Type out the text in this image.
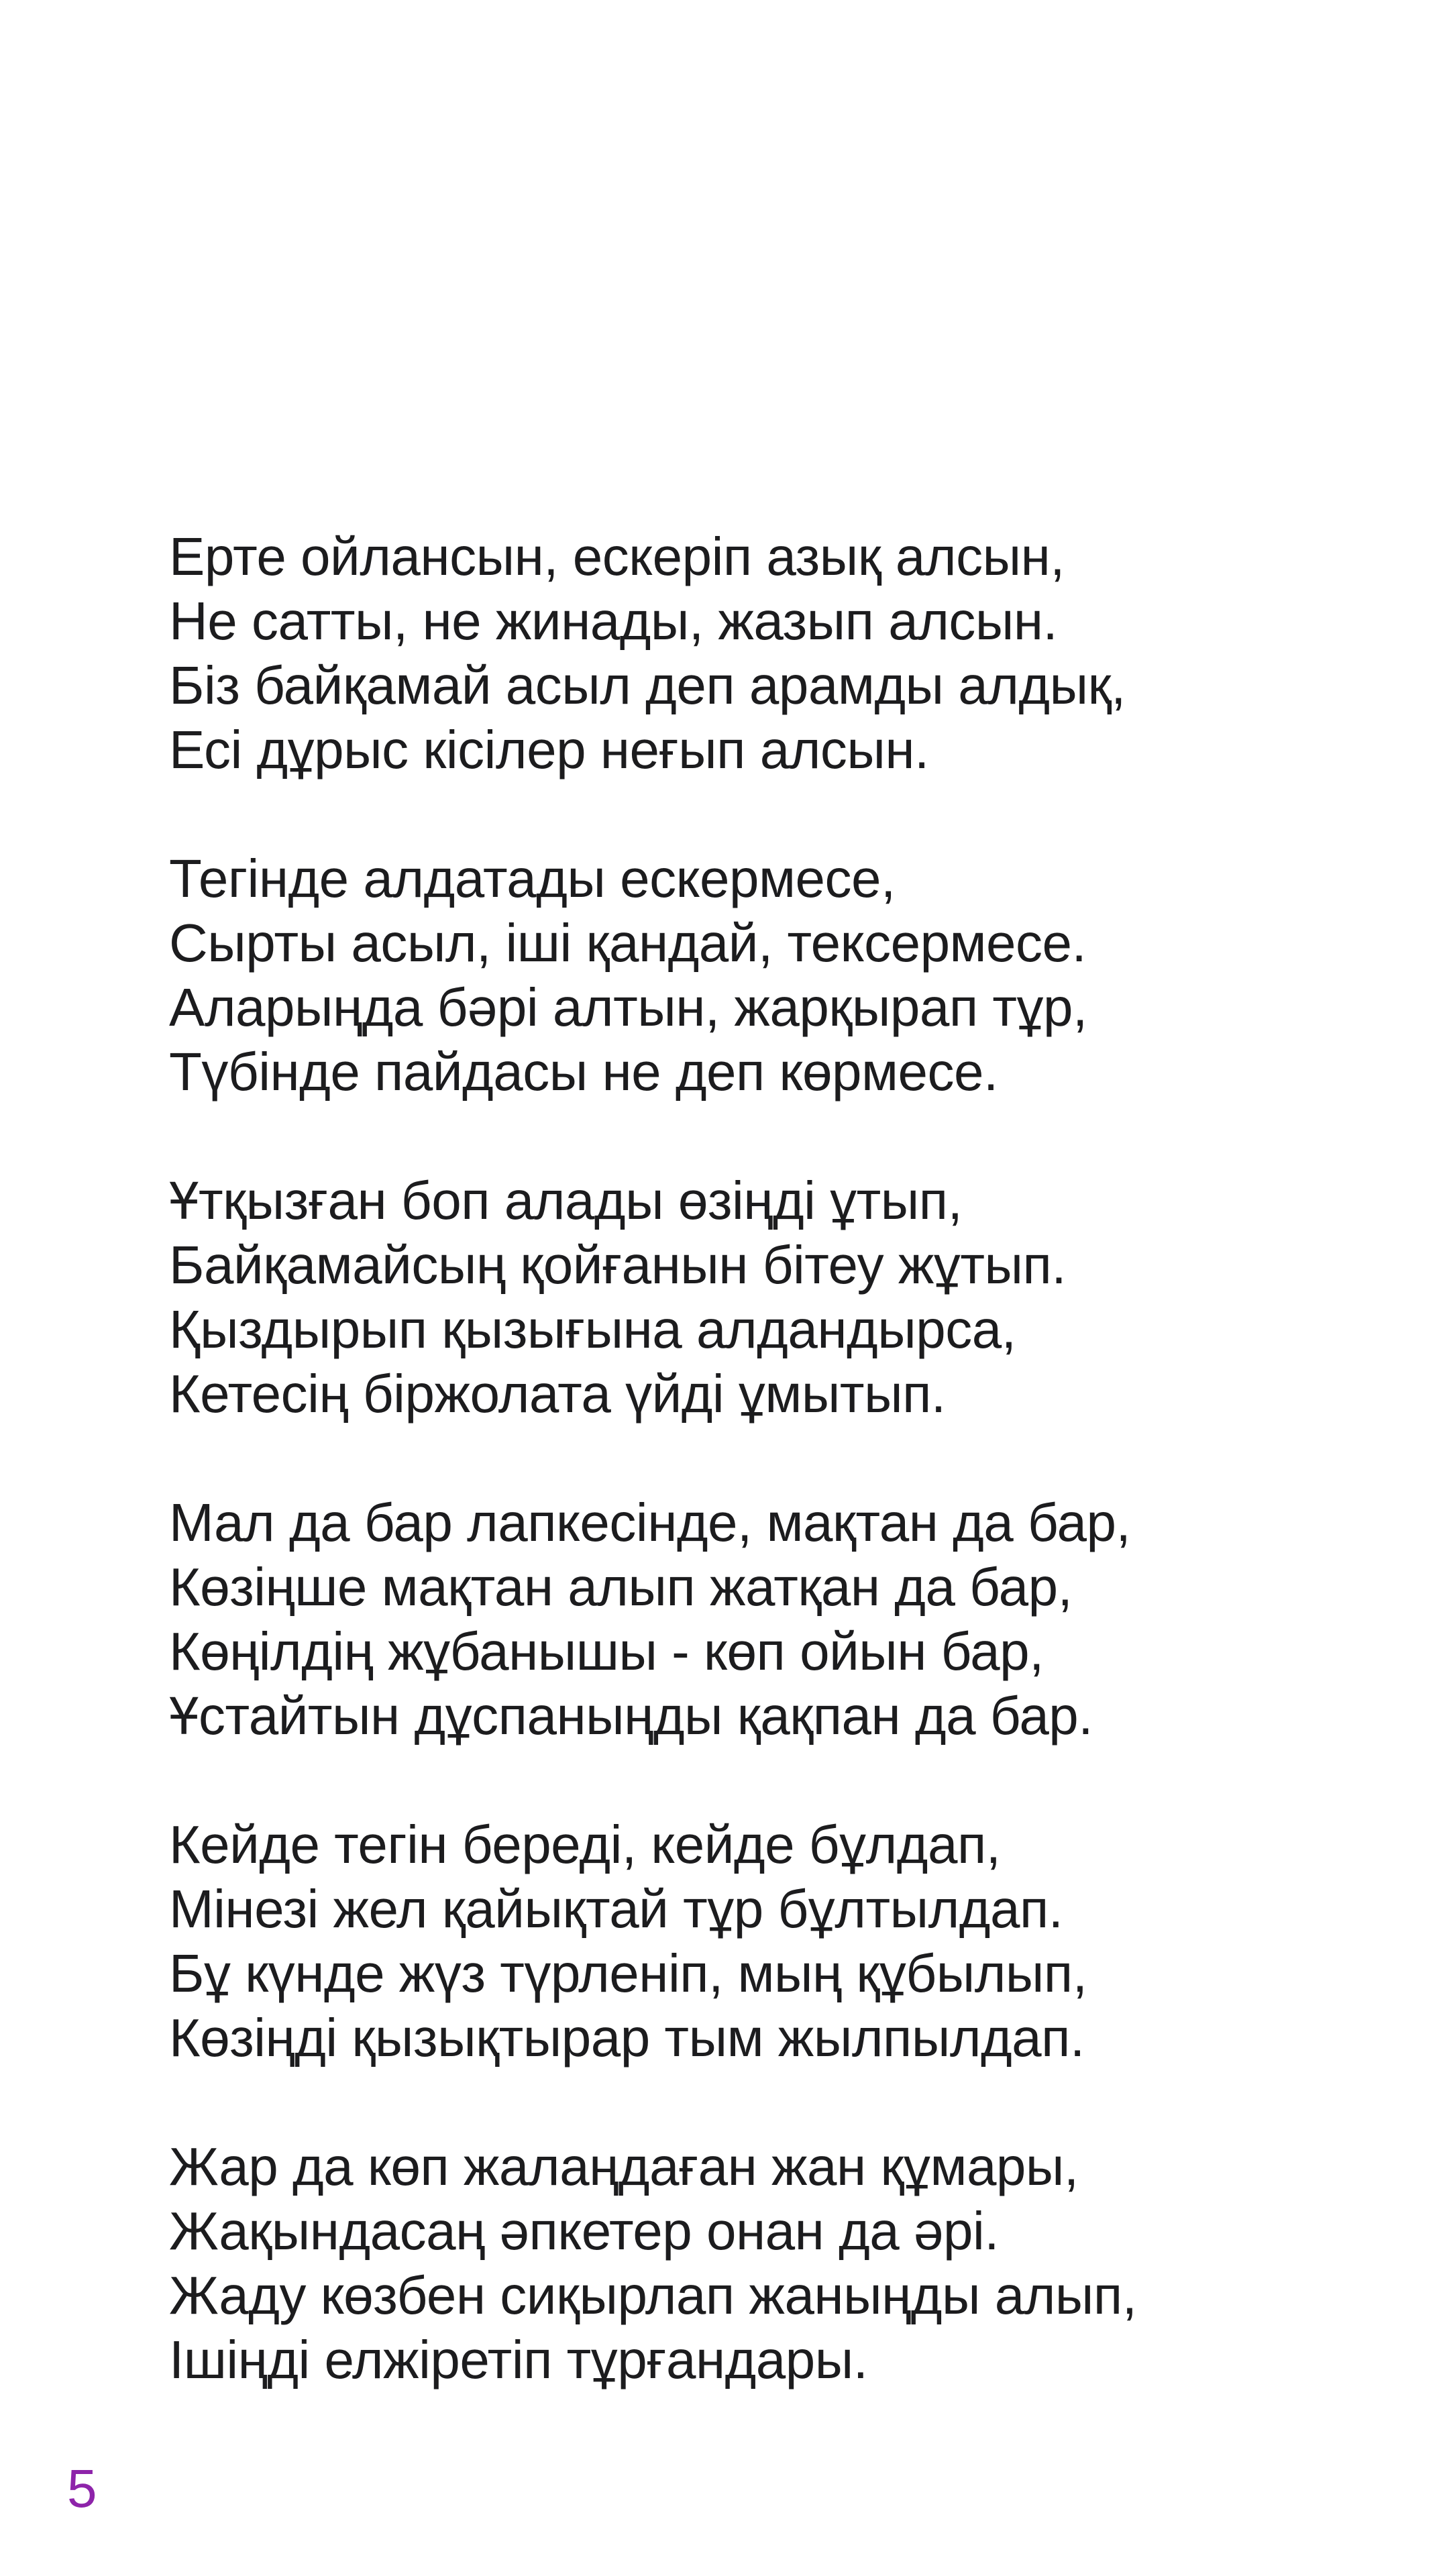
Ерте ойлансын, ескеріп азық алсын,
Не сатты, не жинады, жазып алсын.
Біз байқамай асыл деп арамды алдық,
Есі дұрыс кісілер неғып алсын.
Тегінде алдатады ескермесе,
Сырты асыл, іші қандай, тексермесе.
Аларыңда бәрі алтын, жарқырап тұр,
Түбінде пайдасы не деп көрмесе.
Ұтқызған боп алады өзіңді ұтып,
Байқамайсың қойғанын бітеу жұтып.
Қыздырып қызығына алдандырса,
Кетесің біржолата үйді ұмытып.
Мал да бар лапкесінде, мақтан да бар,
Көзіңше мақтан алып жатқан да бар,
Көңілдің жұбанышы - көп ойын бар,
Ұстайтын дұспаныңды қақпан да бар.
Кейде тегін береді, кейде бұлдап,
Мінезі жел қайықтай тұр бұлтылдап.
Бұ күнде жүз түрленіп, мың құбылып,
Көзіңді қызықтырар тым жылпылдап.
Жар да көп жалаңдаған жан құмары,
Жақындасаң әпкетер онан да әрі.
Жаду көзбен сиқырлап жаныңды алып,
Ішіңді елжіретіп тұрғандары.
5
